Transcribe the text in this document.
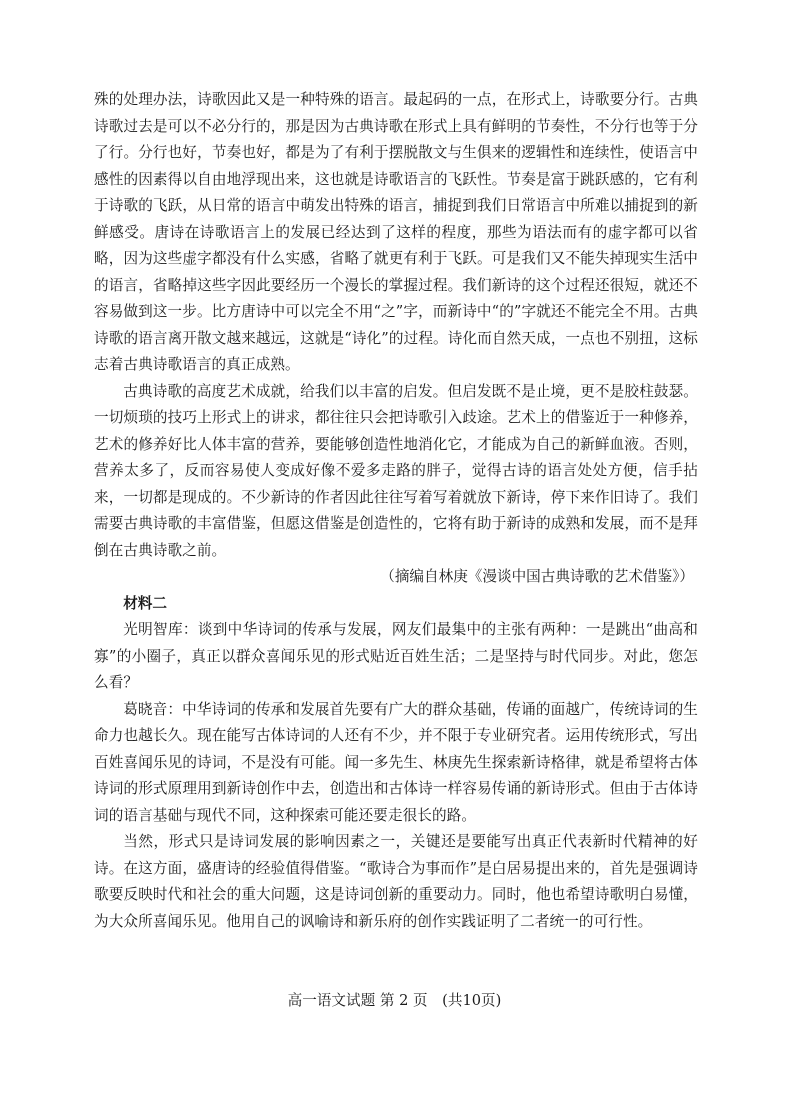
殊的处理办法，诗歌因此又是一种特殊的语言。最起码的一点，在形式上，诗歌要分行。古典诗歌过去是可以不必分行的，那是因为古典诗歌在形式上具有鲜明的节奏性，不分行也等于分了行。分行也好，节奏也好，都是为了有利于摆脱散文与生俱来的逻辑性和连续性，使语言中感性的因素得以自由地浮现出来，这也就是诗歌语言的飞跃性。节奏是富于跳跃感的，它有利于诗歌的飞跃，从日常的语言中萌发出特殊的语言，捕捉到我们日常语言中所难以捕捉到的新鲜感受。唐诗在诗歌语言上的发展已经达到了这样的程度，那些为语法而有的虚字都可以省略，因为这些虚字都没有什么实感，省略了就更有利于飞跃。可是我们又不能失掉现实生活中的语言，省略掉这些字因此要经历一个漫长的掌握过程。我们新诗的这个过程还很短，就还不容易做到这一步。比方唐诗中可以完全不用“之”字，而新诗中“的”字就还不能完全不用。古典诗歌的语言离开散文越来越远，这就是“诗化”的过程。诗化而自然天成，一点也不别扭，这标志着古典诗歌语言的真正成熟。

古典诗歌的高度艺术成就，给我们以丰富的启发。但启发既不是止境，更不是胶柱鼓瑟。一切烦琐的技巧上形式上的讲求，都往往只会把诗歌引入歧途。艺术上的借鉴近于一种修养，艺术的修养好比人体丰富的营养，要能够创造性地消化它，才能成为自己的新鲜血液。否则，营养太多了，反而容易使人变成好像不爱多走路的胖子，觉得古诗的语言处处方便，信手拈来，一切都是现成的。不少新诗的作者因此往往写着写着就放下新诗，停下来作旧诗了。我们需要古典诗歌的丰富借鉴，但愿这借鉴是创造性的，它将有助于新诗的成熟和发展，而不是拜倒在古典诗歌之前。

（摘编自林庚《漫谈中国古典诗歌的艺术借鉴》）

材料二

光明智库：谈到中华诗词的传承与发展，网友们最集中的主张有两种：一是跳出“曲高和寡”的小圈子，真正以群众喜闻乐见的形式贴近百姓生活；二是坚持与时代同步。对此，您怎么看？

葛晓音：中华诗词的传承和发展首先要有广大的群众基础，传诵的面越广，传统诗词的生命力也越长久。现在能写古体诗词的人还有不少，并不限于专业研究者。运用传统形式，写出百姓喜闻乐见的诗词，不是没有可能。闻一多先生、林庚先生探索新诗格律，就是希望将古体诗词的形式原理用到新诗创作中去，创造出和古体诗一样容易传诵的新诗形式。但由于古体诗词的语言基础与现代不同，这种探索可能还要走很长的路。

当然，形式只是诗词发展的影响因素之一，关键还是要能写出真正代表新时代精神的好诗。在这方面，盛唐诗的经验值得借鉴。“歌诗合为事而作”是白居易提出来的，首先是强调诗歌要反映时代和社会的重大问题，这是诗词创新的重要动力。同时，他也希望诗歌明白易懂，为大众所喜闻乐见。他用自己的讽喻诗和新乐府的创作实践证明了二者统一的可行性。

高一语文试题 第 2 页　(共10页)
